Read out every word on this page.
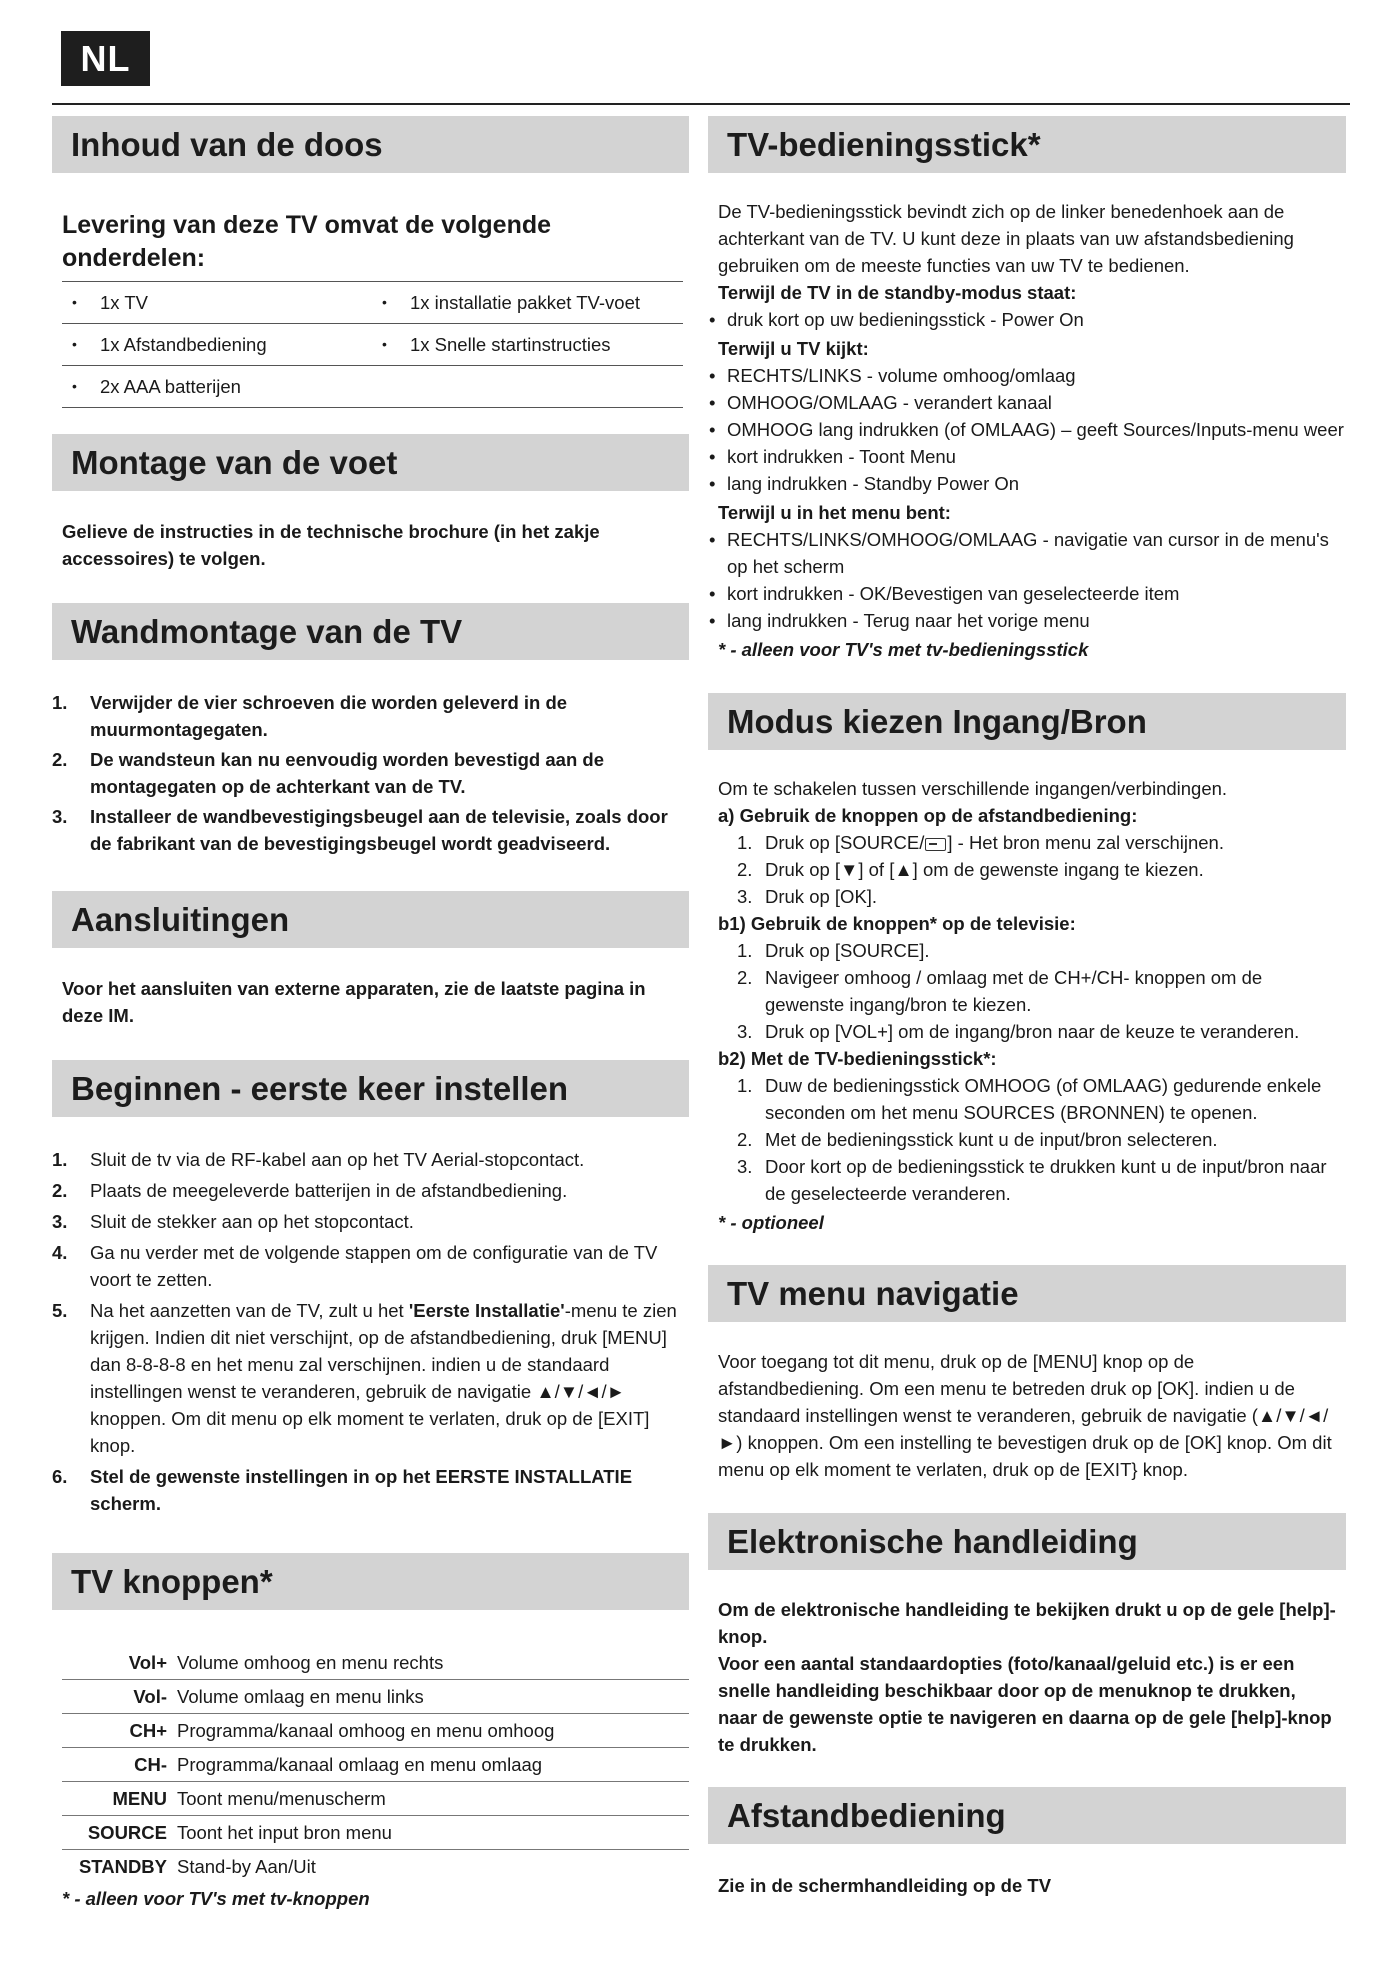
NL
Inhoud van de doos
Levering van deze TV omvat de volgende onderdelen:
• 1x TV	• 1x installatie pakket TV-voet
• 1x Afstandbediening	• 1x Snelle startinstructies
• 2x AAA batterijen
Montage van de voet
Gelieve de instructies in de technische brochure (in het zakje accessoires) te volgen.
Wandmontage van de TV
Verwijder de vier schroeven die worden geleverd in de muurmontagegaten.
De wandsteun kan nu eenvoudig worden bevestigd aan de montagegaten op de achterkant van de TV.
Installeer de wandbevestigingsbeugel aan de televisie, zoals door de fabrikant van de bevestigingsbeugel wordt geadviseerd.
Aansluitingen
Voor het aansluiten van externe apparaten, zie de laatste pagina in deze IM.
Beginnen - eerste keer instellen
Sluit de tv via de RF-kabel aan op het TV Aerial-stopcontact.
Plaats de meegeleverde batterijen in de afstandbediening.
Sluit de stekker aan op het stopcontact.
Ga nu verder met de volgende stappen om de configuratie van de TV voort te zetten.
Na het aanzetten van de TV, zult u het 'Eerste Installatie'-menu te zien krijgen. Indien dit niet verschijnt, op de afstandbediening, druk [MENU] dan 8-8-8-8 en het menu zal verschijnen. indien u de standaard instellingen wenst te veranderen, gebruik de navigatie ▲/▼/◄/► knoppen. Om dit menu op elk moment te verlaten, druk op de [EXIT] knop.
Stel de gewenste instellingen in op het EERSTE INSTALLATIE scherm.
TV knoppen*
Vol+ Volume omhoog en menu rechts
Vol- Volume omlaag en menu links
CH+ Programma/kanaal omhoog en menu omhoog
CH- Programma/kanaal omlaag en menu omlaag
MENU Toont menu/menuscherm
SOURCE Toont het input bron menu
STANDBY Stand-by Aan/Uit
* - alleen voor TV's met tv-knoppen
TV-bedieningsstick*
De TV-bedieningsstick bevindt zich op de linker benedenhoek aan de achterkant van de TV. U kunt deze in plaats van uw afstandsbediening gebruiken om de meeste functies van uw TV te bedienen.
Terwijl de TV in de standby-modus staat:
• druk kort op uw bedieningsstick - Power On
Terwijl u TV kijkt:
• RECHTS/LINKS - volume omhoog/omlaag
• OMHOOG/OMLAAG - verandert kanaal
• OMHOOG lang indrukken (of OMLAAG) – geeft Sources/Inputs-menu weer
• kort indrukken - Toont Menu
• lang indrukken - Standby Power On
Terwijl u in het menu bent:
• RECHTS/LINKS/OMHOOG/OMLAAG - navigatie van cursor in de menu's op het scherm
• kort indrukken - OK/Bevestigen van geselecteerde item
• lang indrukken - Terug naar het vorige menu
* - alleen voor TV's met tv-bedieningsstick
Modus kiezen Ingang/Bron
Om te schakelen tussen verschillende ingangen/verbindingen.
a) Gebruik de knoppen op de afstandbediening:
Druk op [SOURCE/ ] - Het bron menu zal verschijnen.
Druk op [▼] of [▲] om de gewenste ingang te kiezen.
Druk op [OK].
b1) Gebruik de knoppen* op de televisie:
Druk op [SOURCE].
Navigeer omhoog / omlaag met de CH+/CH- knoppen om de gewenste ingang/bron te kiezen.
Druk op [VOL+] om de ingang/bron naar de keuze te veranderen.
b2) Met de TV-bedieningsstick*:
Duw de bedieningsstick OMHOOG (of OMLAAG) gedurende enkele seconden om het menu SOURCES (BRONNEN) te openen.
Met de bedieningsstick kunt u de input/bron selecteren.
Door kort op de bedieningsstick te drukken kunt u de input/bron naar de geselecteerde veranderen.
* - optioneel
TV menu navigatie
Voor toegang tot dit menu, druk op de [MENU] knop op de afstandbediening. Om een menu te betreden druk op [OK]. indien u de standaard instellingen wenst te veranderen, gebruik de navigatie (▲/▼/◄/►) knoppen. Om een instelling te bevestigen druk op de [OK] knop. Om dit menu op elk moment te verlaten, druk op de [EXIT} knop.
Elektronische handleiding
Om de elektronische handleiding te bekijken drukt u op de gele [help]-knop.
Voor een aantal standaardopties (foto/kanaal/geluid etc.) is er een snelle handleiding beschikbaar door op de menuknop te drukken, naar de gewenste optie te navigeren en daarna op de gele [help]-knop te drukken.
Afstandbediening
Zie in de schermhandleiding op de TV
